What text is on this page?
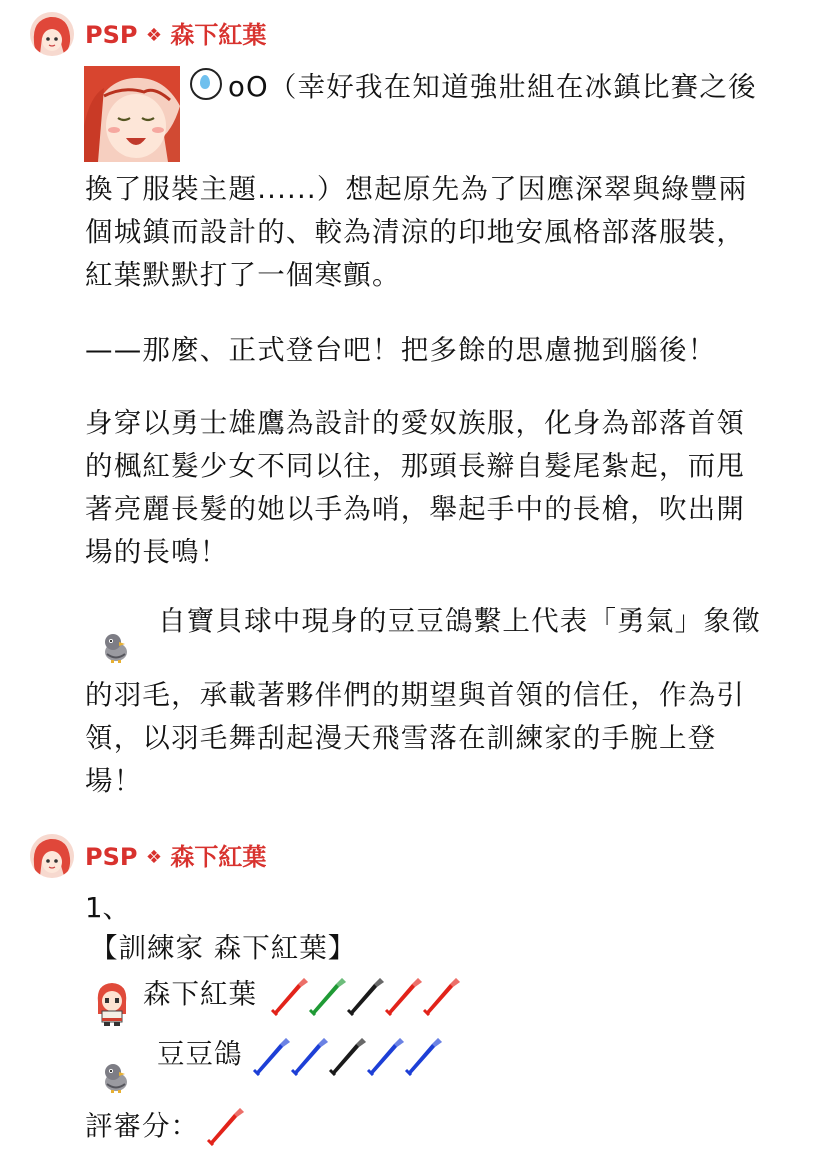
PSP ❖ 森下紅葉
oO（幸好我在知道強壯組在冰鎮比賽之後
換了服裝主題......）想起原先為了因應深翠與綠豐兩
個城鎮而設計的、較為清涼的印地安風格部落服裝，
紅葉默默打了一個寒顫。
——那麼、正式登台吧！把多餘的思慮拋到腦後！
身穿以勇士雄鷹為設計的愛奴族服，化身為部落首領
的楓紅髮少女不同以往，那頭長辮自髮尾紮起，而甩
著亮麗長髮的她以手為哨，舉起手中的長槍，吹出開
場的長鳴！
自寶貝球中現身的豆豆鴿繫上代表「勇氣」象徵
的羽毛，承載著夥伴們的期望與首領的信任，作為引
領，以羽毛舞刮起漫天飛雪落在訓練家的手腕上登
場！
PSP ❖ 森下紅葉
1、
【訓練家 森下紅葉】
森下紅葉
豆豆鴿
評審分：
